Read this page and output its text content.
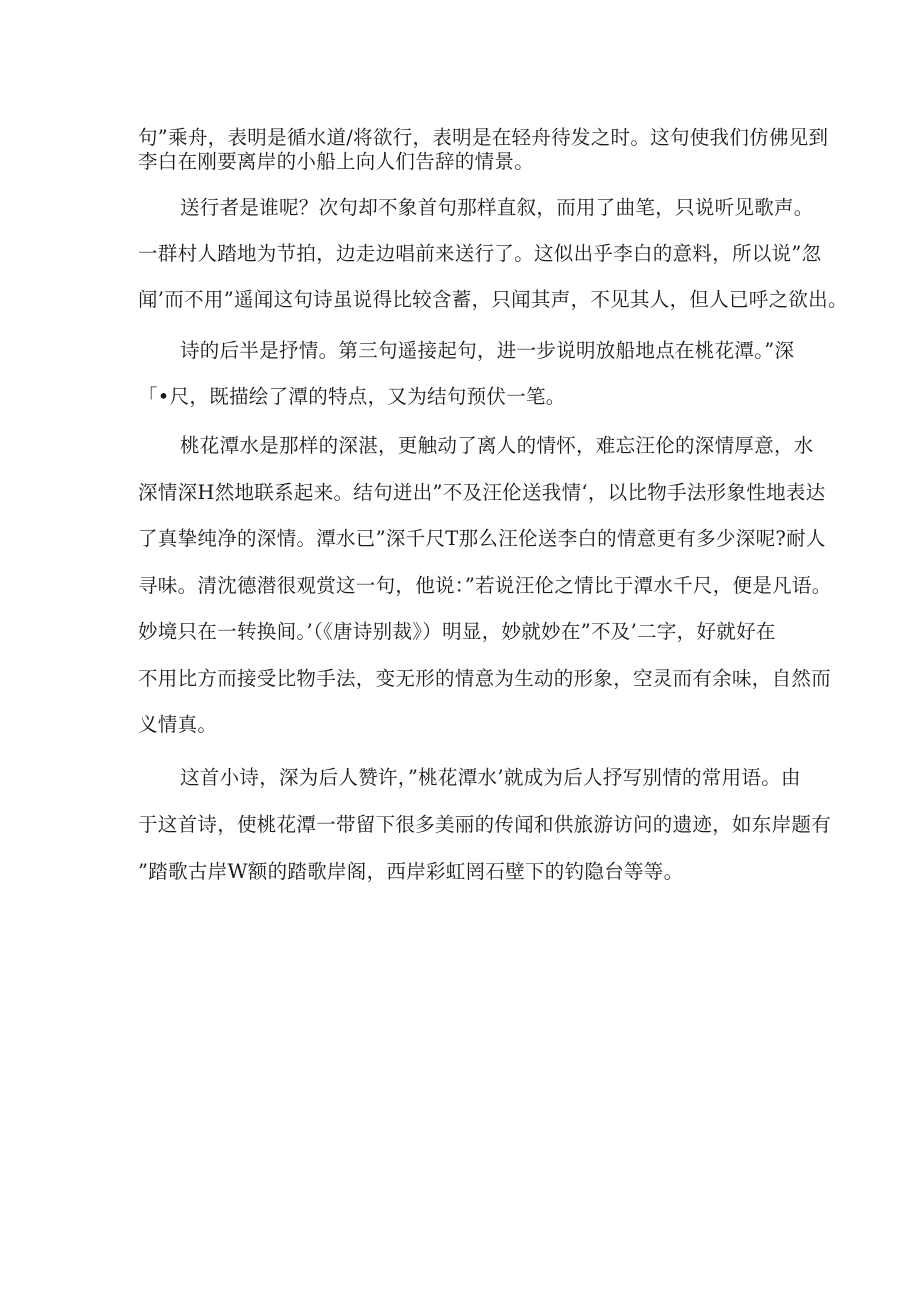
句”乘舟，表明是循水道/将欲行，表明是在轻舟待发之时。这句使我们仿佛见到
李白在刚要离岸的小船上向人们告辞的情景。
送行者是谁呢？次句却不象首句那样直叙，而用了曲笔，只说听见歌声。
一群村人踏地为节拍，边走边唱前来送行了。这似出乎李白的意料，所以说”忽
闻’而不用”遥闻这句诗虽说得比较含蓄，只闻其声，不见其人，但人已呼之欲出。
诗的后半是抒情。第三句遥接起句，进一步说明放船地点在桃花潭。”深
「•尺，既描绘了潭的特点，又为结句预伏一笔。
桃花潭水是那样的深湛，更触动了离人的情怀，难忘汪伦的深情厚意，水
深情深H然地联系起来。结句迸出”不及汪伦送我情‘，以比物手法形象性地表达
了真挚纯净的深情。潭水已”深千尺T那么汪伦送李白的情意更有多少深呢?耐人
寻味。清沈德潜很观赏这一句，他说：”若说汪伦之情比于潭水千尺，便是凡语。
妙境只在一转换间。’（《唐诗别裁》）明显，妙就妙在”不及’二字，好就好在
不用比方而接受比物手法，变无形的情意为生动的形象，空灵而有余味，自然而
义情真。
这首小诗，深为后人赞许，”桃花潭水’就成为后人抒写别情的常用语。由
于这首诗，使桃花潭一带留下很多美丽的传闻和供旅游访问的遗迹，如东岸题有
”踏歌古岸W额的踏歌岸阁，西岸彩虹罔石壁下的钓隐台等等。
